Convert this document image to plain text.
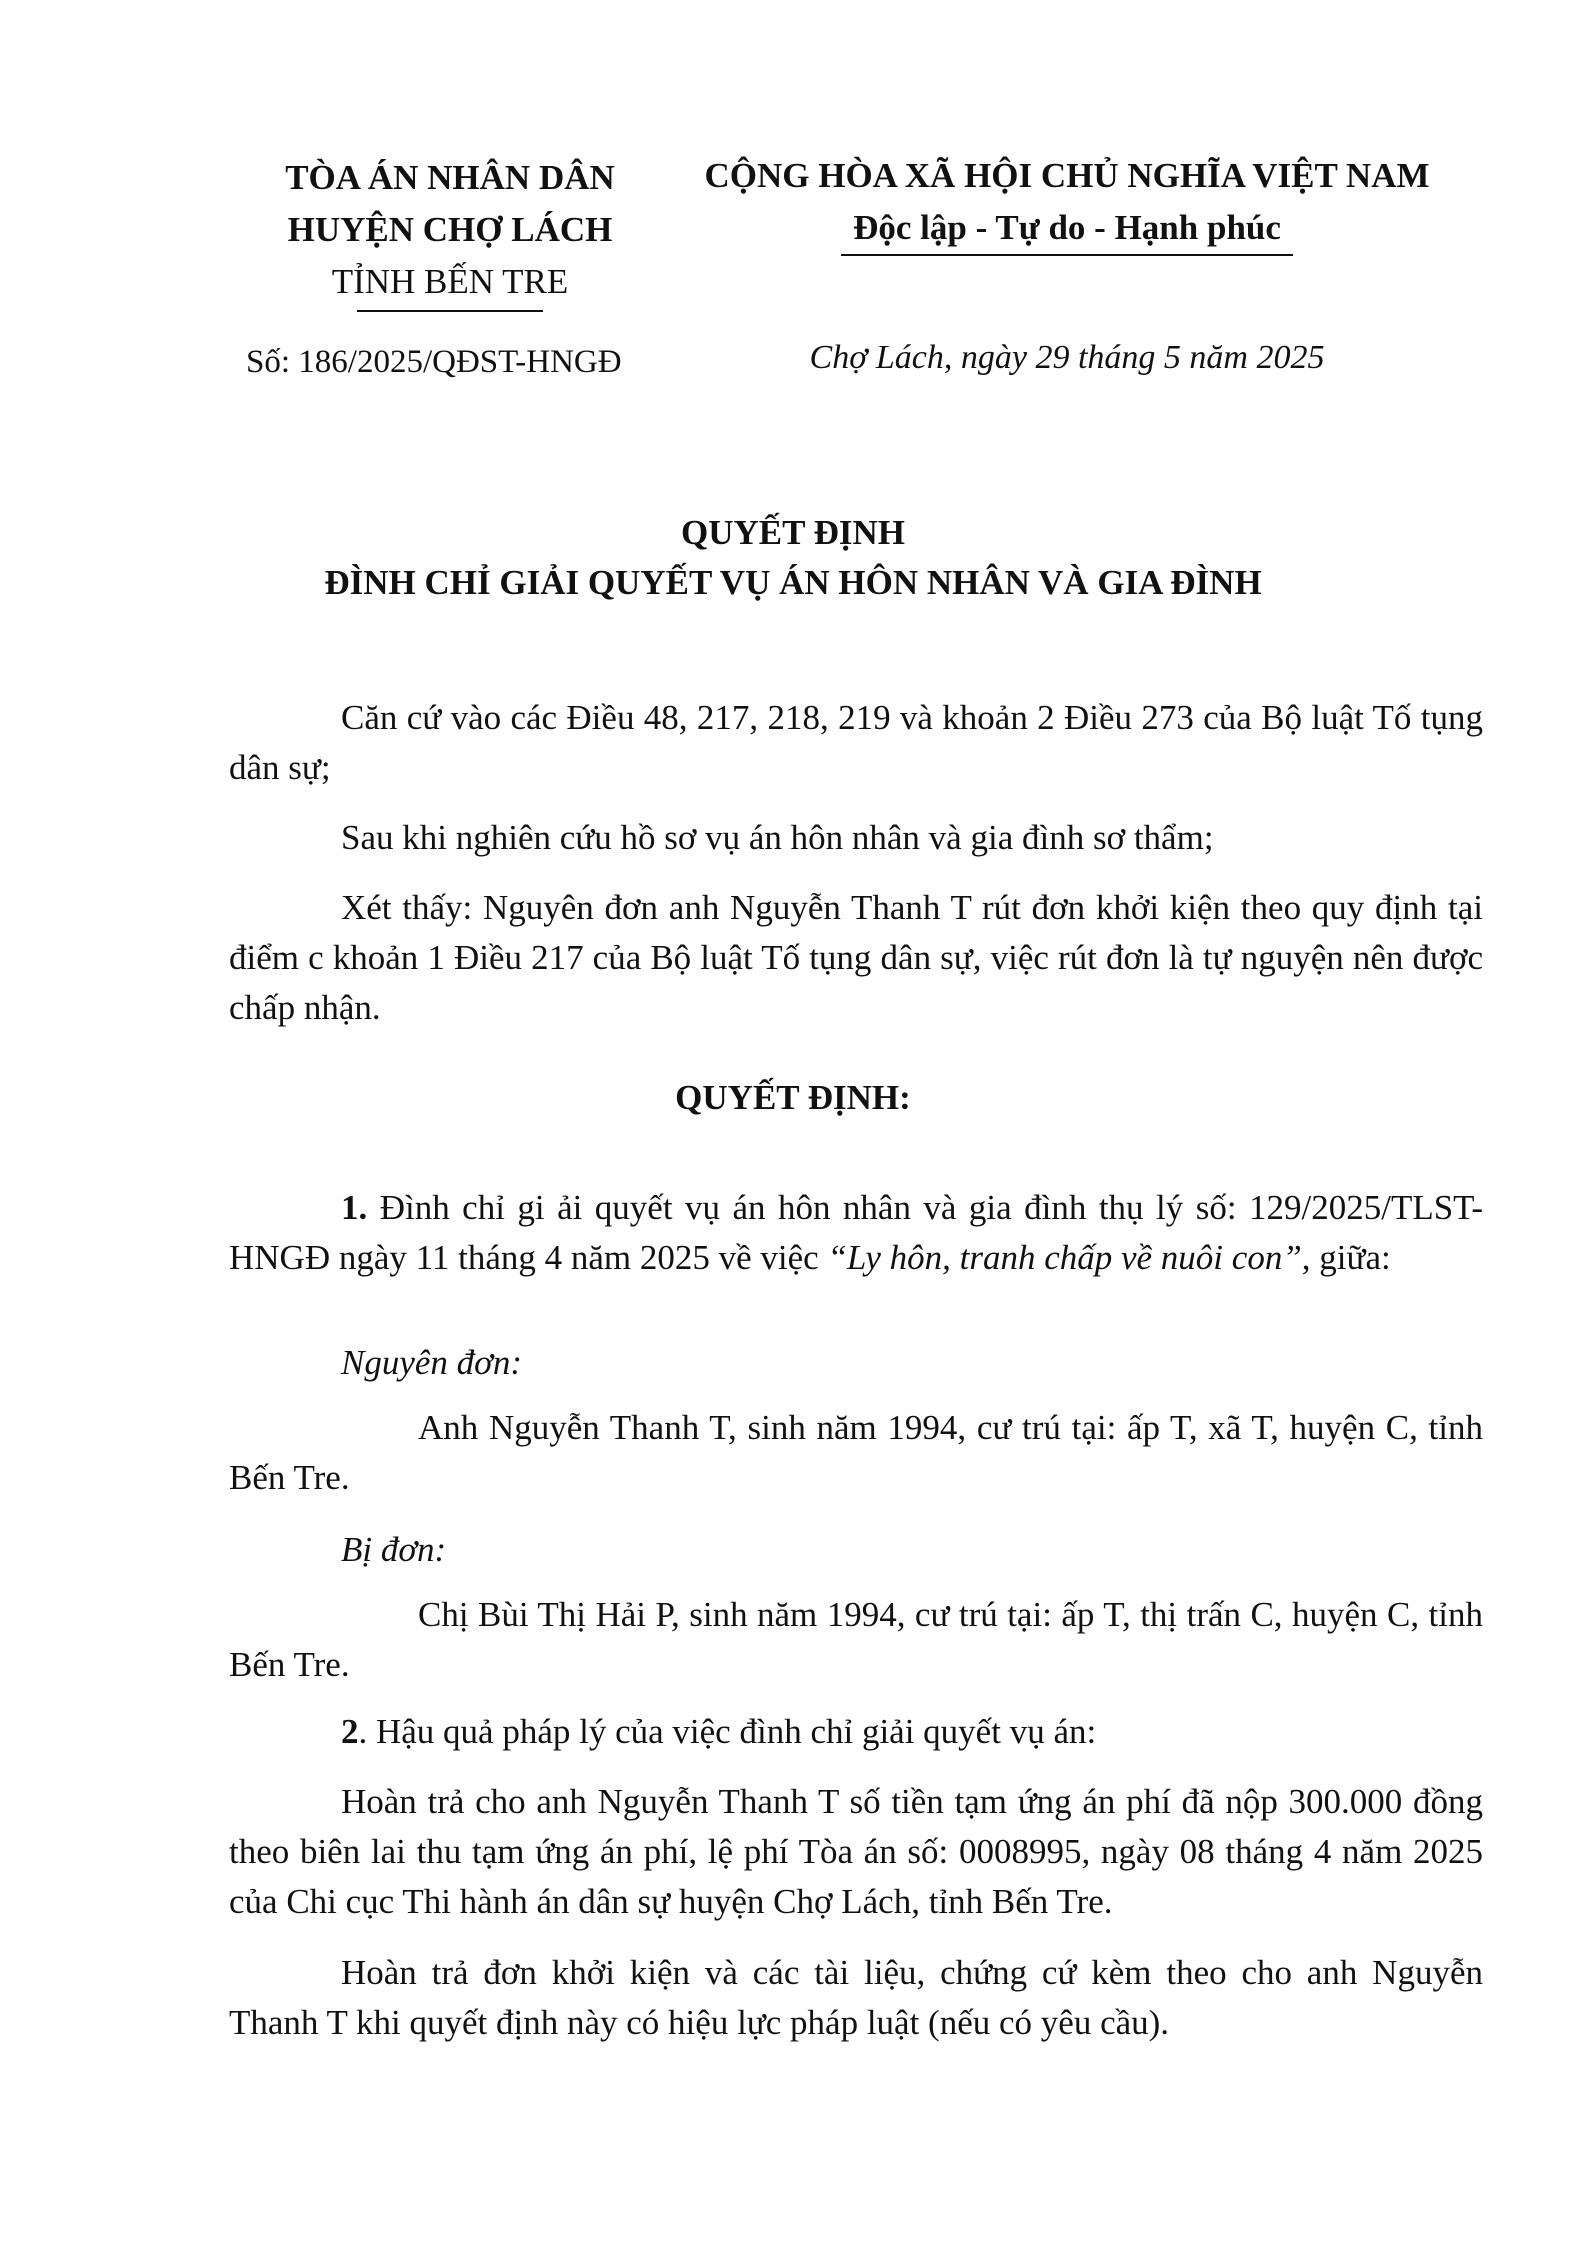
TÒA ÁN NHÂN DÂN
HUYỆN CHỢ LÁCH
TỈNH BẾN TRE
CỘNG HÒA XÃ HỘI CHỦ NGHĨA VIỆT NAM
Độc lập - Tự do - Hạnh phúc
Số: 186/2025/QĐST-HNGĐ	Chợ Lách, ngày 29 tháng 5 năm 2025
QUYẾT ĐỊNH
ĐÌNH CHỈ GIẢI QUYẾT VỤ ÁN HÔN NHÂN VÀ GIA ĐÌNH

Căn cứ vào các Điều 48, 217, 218, 219 và khoản 2 Điều 273 của Bộ luật Tố tụng dân sự;

Sau khi nghiên cứu hồ sơ vụ án hôn nhân và gia đình sơ thẩm;

Xét thấy: Nguyên đơn anh Nguyễn Thanh T rút đơn khởi kiện theo quy định tại điểm c khoản 1 Điều 217 của Bộ luật Tố tụng dân sự, việc rút đơn là tự nguyện nên được chấp nhận.

QUYẾT ĐỊNH:

1. Đình chỉ gi ải quyết vụ án hôn nhân và gia đình thụ lý số: 129/2025/TLST-HNGĐ ngày 11 tháng 4 năm 2025 về việc “Ly hôn, tranh chấp về nuôi con”, giữa:

Nguyên đơn:

Anh Nguyễn Thanh T, sinh năm 1994, cư trú tại: ấp T, xã T, huyện C, tỉnh Bến Tre.

Bị đơn:

Chị Bùi Thị Hải P, sinh năm 1994, cư trú tại: ấp T, thị trấn C, huyện C, tỉnh Bến Tre.

2. Hậu quả pháp lý của việc đình chỉ giải quyết vụ án:

Hoàn trả cho anh Nguyễn Thanh T số tiền tạm ứng án phí đã nộp 300.000 đồng theo biên lai thu tạm ứng án phí, lệ phí Tòa án số: 0008995, ngày 08 tháng 4 năm 2025 của Chi cục Thi hành án dân sự huyện Chợ Lách, tỉnh Bến Tre.

Hoàn trả đơn khởi kiện và các tài liệu, chứng cứ kèm theo cho anh Nguyễn Thanh T khi quyết định này có hiệu lực pháp luật (nếu có yêu cầu).
